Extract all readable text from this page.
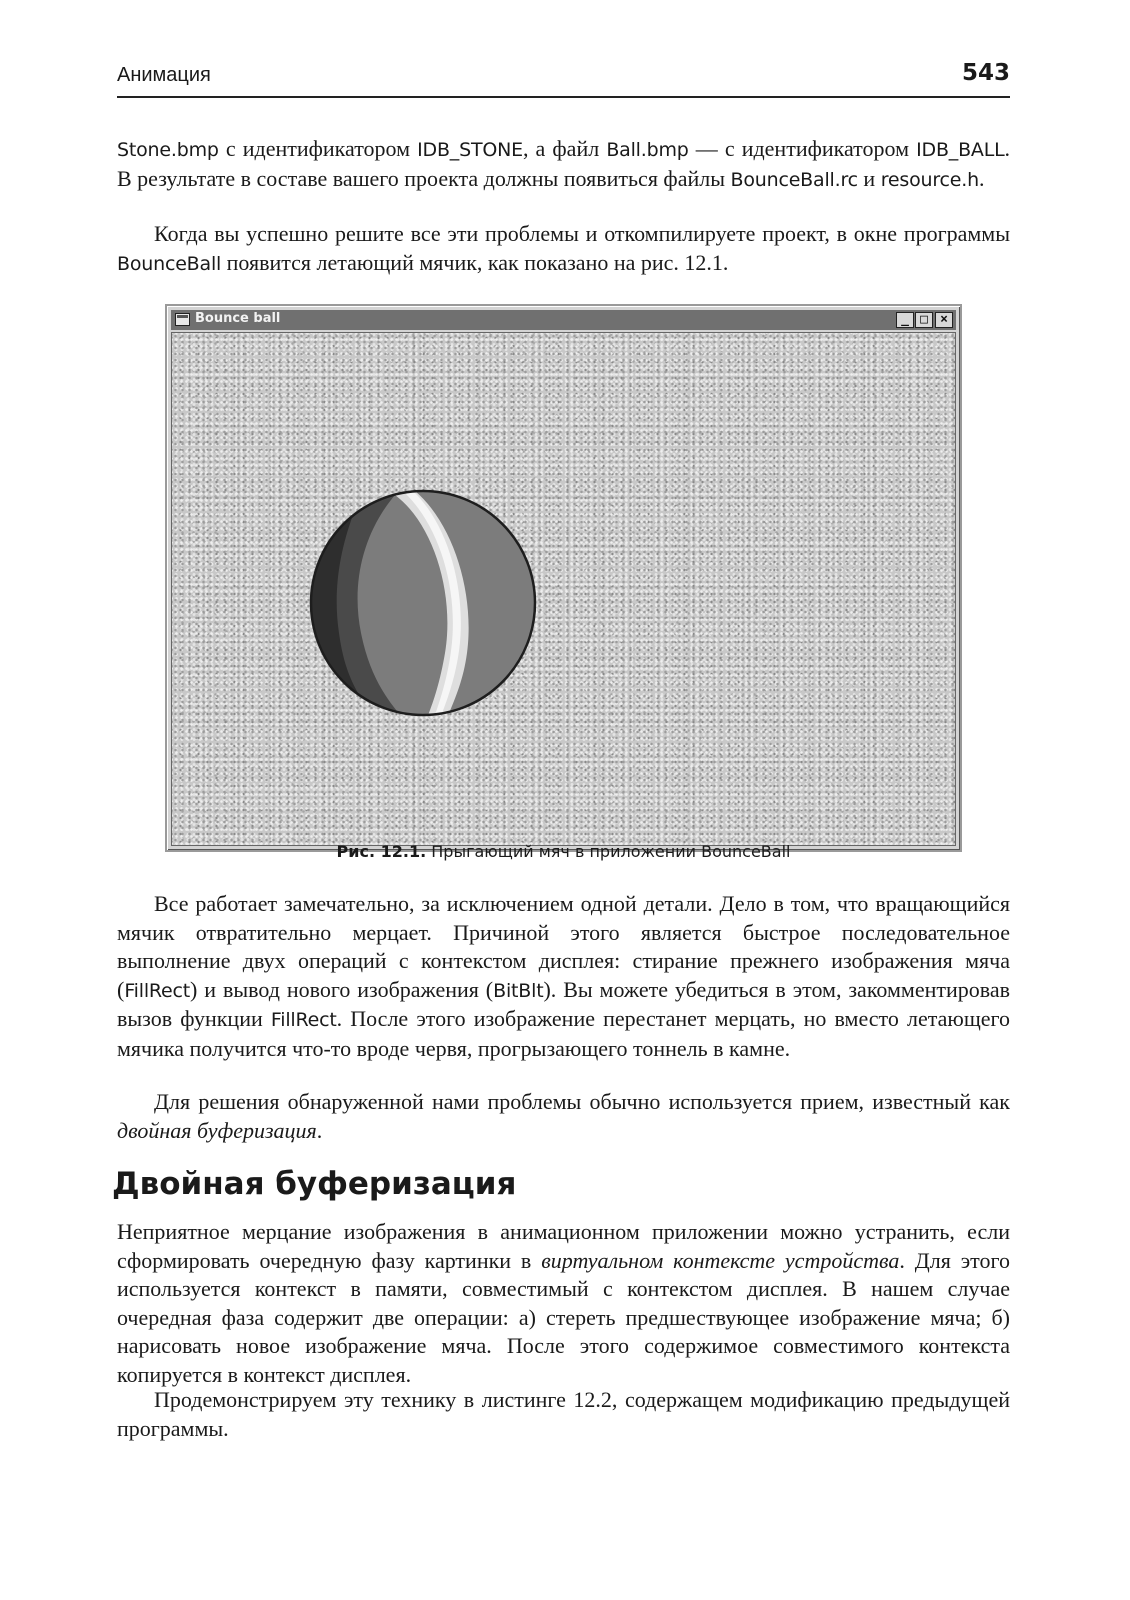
Анимация	543

Stone.bmp с идентификатором IDB_STONE, а файл Ball.bmp — с идентификатором IDB_BALL. В результате в составе вашего проекта должны появиться файлы BounceBall.rc и resource.h.

Когда вы успешно решите все эти проблемы и откомпилируете проект, в окне программы BounceBall появится летающий мячик, как показано на рис. 12.1.

Bounce ball	_ □ ×
Рис. 12.1. Прыгающий мяч в приложении BounceBall

Все работает замечательно, за исключением одной детали. Дело в том, что вращающийся мячик отвратительно мерцает. Причиной этого является быстрое последовательное выполнение двух операций с контекстом дисплея: стирание прежнего изображения мяча (FillRect) и вывод нового изображения (BitBlt). Вы можете убедиться в этом, закомментировав вызов функции FillRect. После этого изображение перестанет мерцать, но вместо летающего мячика получится что-то вроде червя, прогрызающего тоннель в камне.

Для решения обнаруженной нами проблемы обычно используется прием, известный как двойная буферизация.

Двойная буферизация

Неприятное мерцание изображения в анимационном приложении можно устранить, если сформировать очередную фазу картинки в виртуальном контексте устройства. Для этого используется контекст в памяти, совместимый с контекстом дисплея. В нашем случае очередная фаза содержит две операции: а) стереть предшествующее изображение мяча; б) нарисовать новое изображение мяча. После этого содержимое совместимого контекста копируется в контекст дисплея.

Продемонстрируем эту технику в листинге 12.2, содержащем модификацию предыдущей программы.
